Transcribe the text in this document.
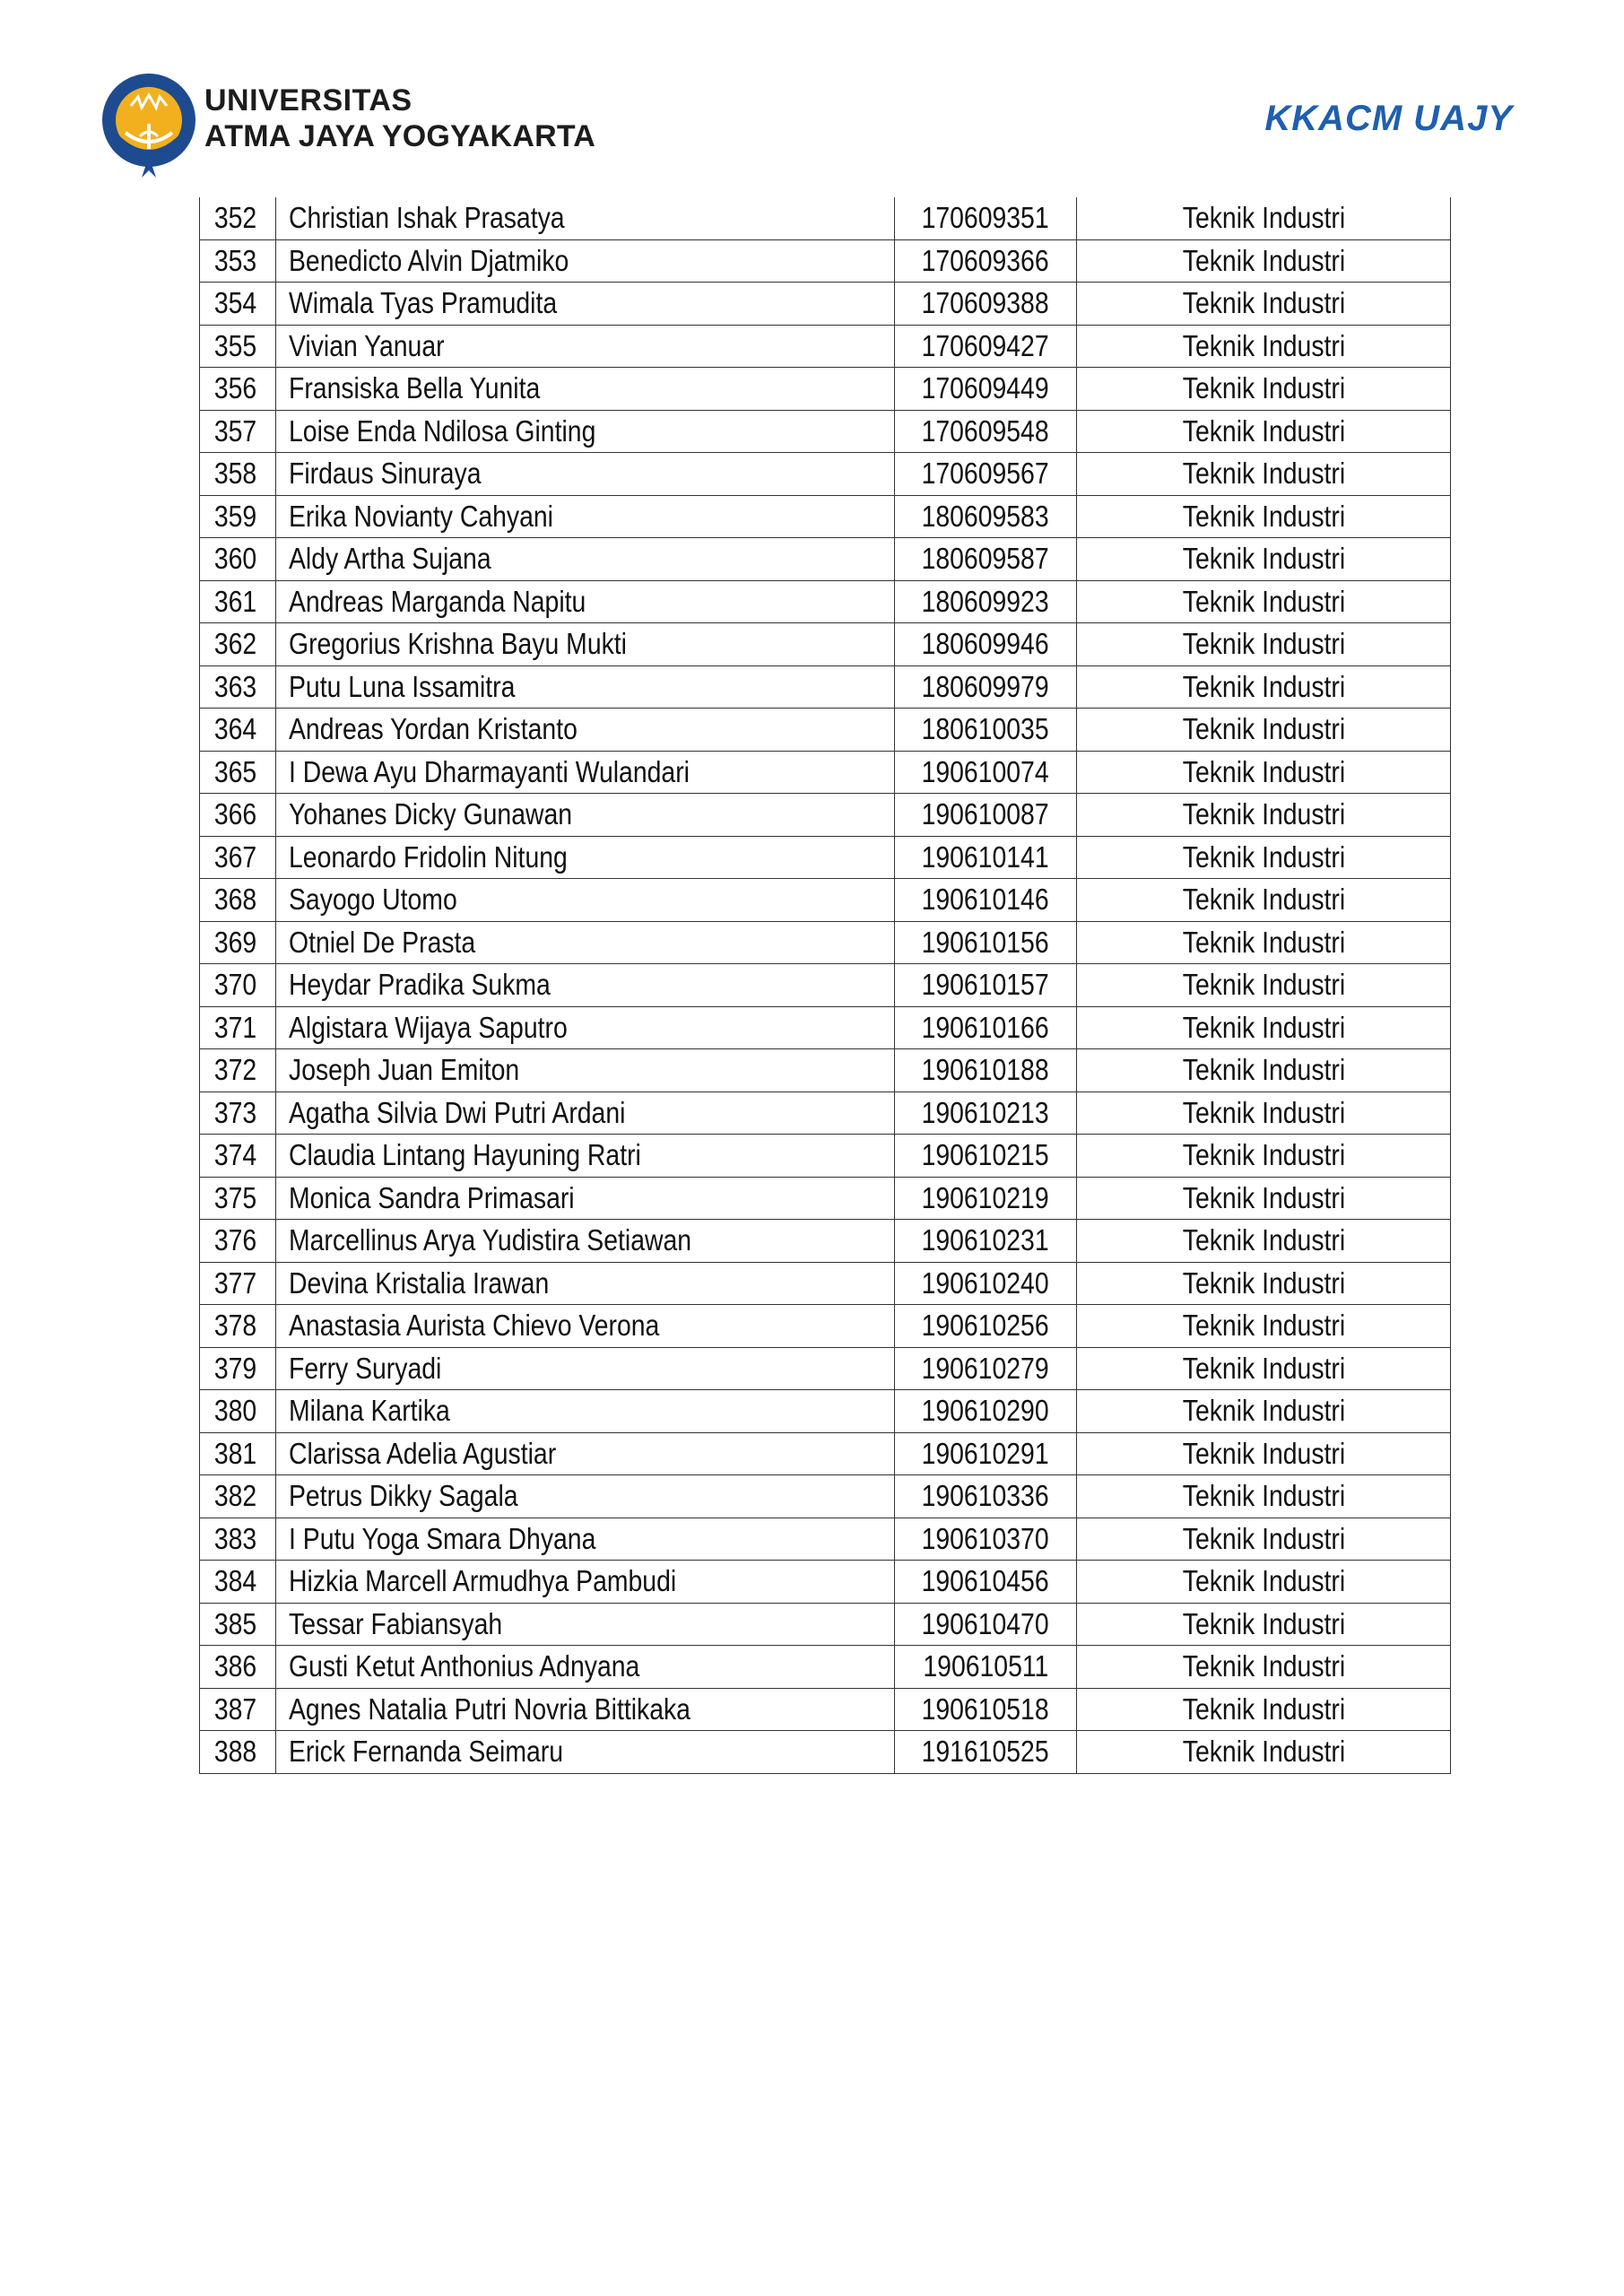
serviens in lumine veritatis
UNIVERSITAS
ATMA JAYA YOGYAKARTA	KKACM UAJY
352	Christian Ishak Prasatya	170609351	Teknik Industri
353	Benedicto Alvin Djatmiko	170609366	Teknik Industri
354	Wimala Tyas Pramudita	170609388	Teknik Industri
355	Vivian Yanuar	170609427	Teknik Industri
356	Fransiska Bella Yunita	170609449	Teknik Industri
357	Loise Enda Ndilosa Ginting	170609548	Teknik Industri
358	Firdaus Sinuraya	170609567	Teknik Industri
359	Erika Novianty Cahyani	180609583	Teknik Industri
360	Aldy Artha Sujana	180609587	Teknik Industri
361	Andreas Marganda Napitu	180609923	Teknik Industri
362	Gregorius Krishna Bayu Mukti	180609946	Teknik Industri
363	Putu Luna Issamitra	180609979	Teknik Industri
364	Andreas Yordan Kristanto	180610035	Teknik Industri
365	I Dewa Ayu Dharmayanti Wulandari	190610074	Teknik Industri
366	Yohanes Dicky Gunawan	190610087	Teknik Industri
367	Leonardo Fridolin Nitung	190610141	Teknik Industri
368	Sayogo Utomo	190610146	Teknik Industri
369	Otniel De Prasta	190610156	Teknik Industri
370	Heydar Pradika Sukma	190610157	Teknik Industri
371	Algistara Wijaya Saputro	190610166	Teknik Industri
372	Joseph Juan Emiton	190610188	Teknik Industri
373	Agatha Silvia Dwi Putri Ardani	190610213	Teknik Industri
374	Claudia Lintang Hayuning Ratri	190610215	Teknik Industri
375	Monica Sandra Primasari	190610219	Teknik Industri
376	Marcellinus Arya Yudistira Setiawan	190610231	Teknik Industri
377	Devina Kristalia Irawan	190610240	Teknik Industri
378	Anastasia Aurista Chievo Verona	190610256	Teknik Industri
379	Ferry Suryadi	190610279	Teknik Industri
380	Milana Kartika	190610290	Teknik Industri
381	Clarissa Adelia Agustiar	190610291	Teknik Industri
382	Petrus Dikky Sagala	190610336	Teknik Industri
383	I Putu Yoga Smara Dhyana	190610370	Teknik Industri
384	Hizkia Marcell Armudhya Pambudi	190610456	Teknik Industri
385	Tessar Fabiansyah	190610470	Teknik Industri
386	Gusti Ketut Anthonius Adnyana	190610511	Teknik Industri
387	Agnes Natalia Putri Novria Bittikaka	190610518	Teknik Industri
388	Erick Fernanda Seimaru	191610525	Teknik Industri
